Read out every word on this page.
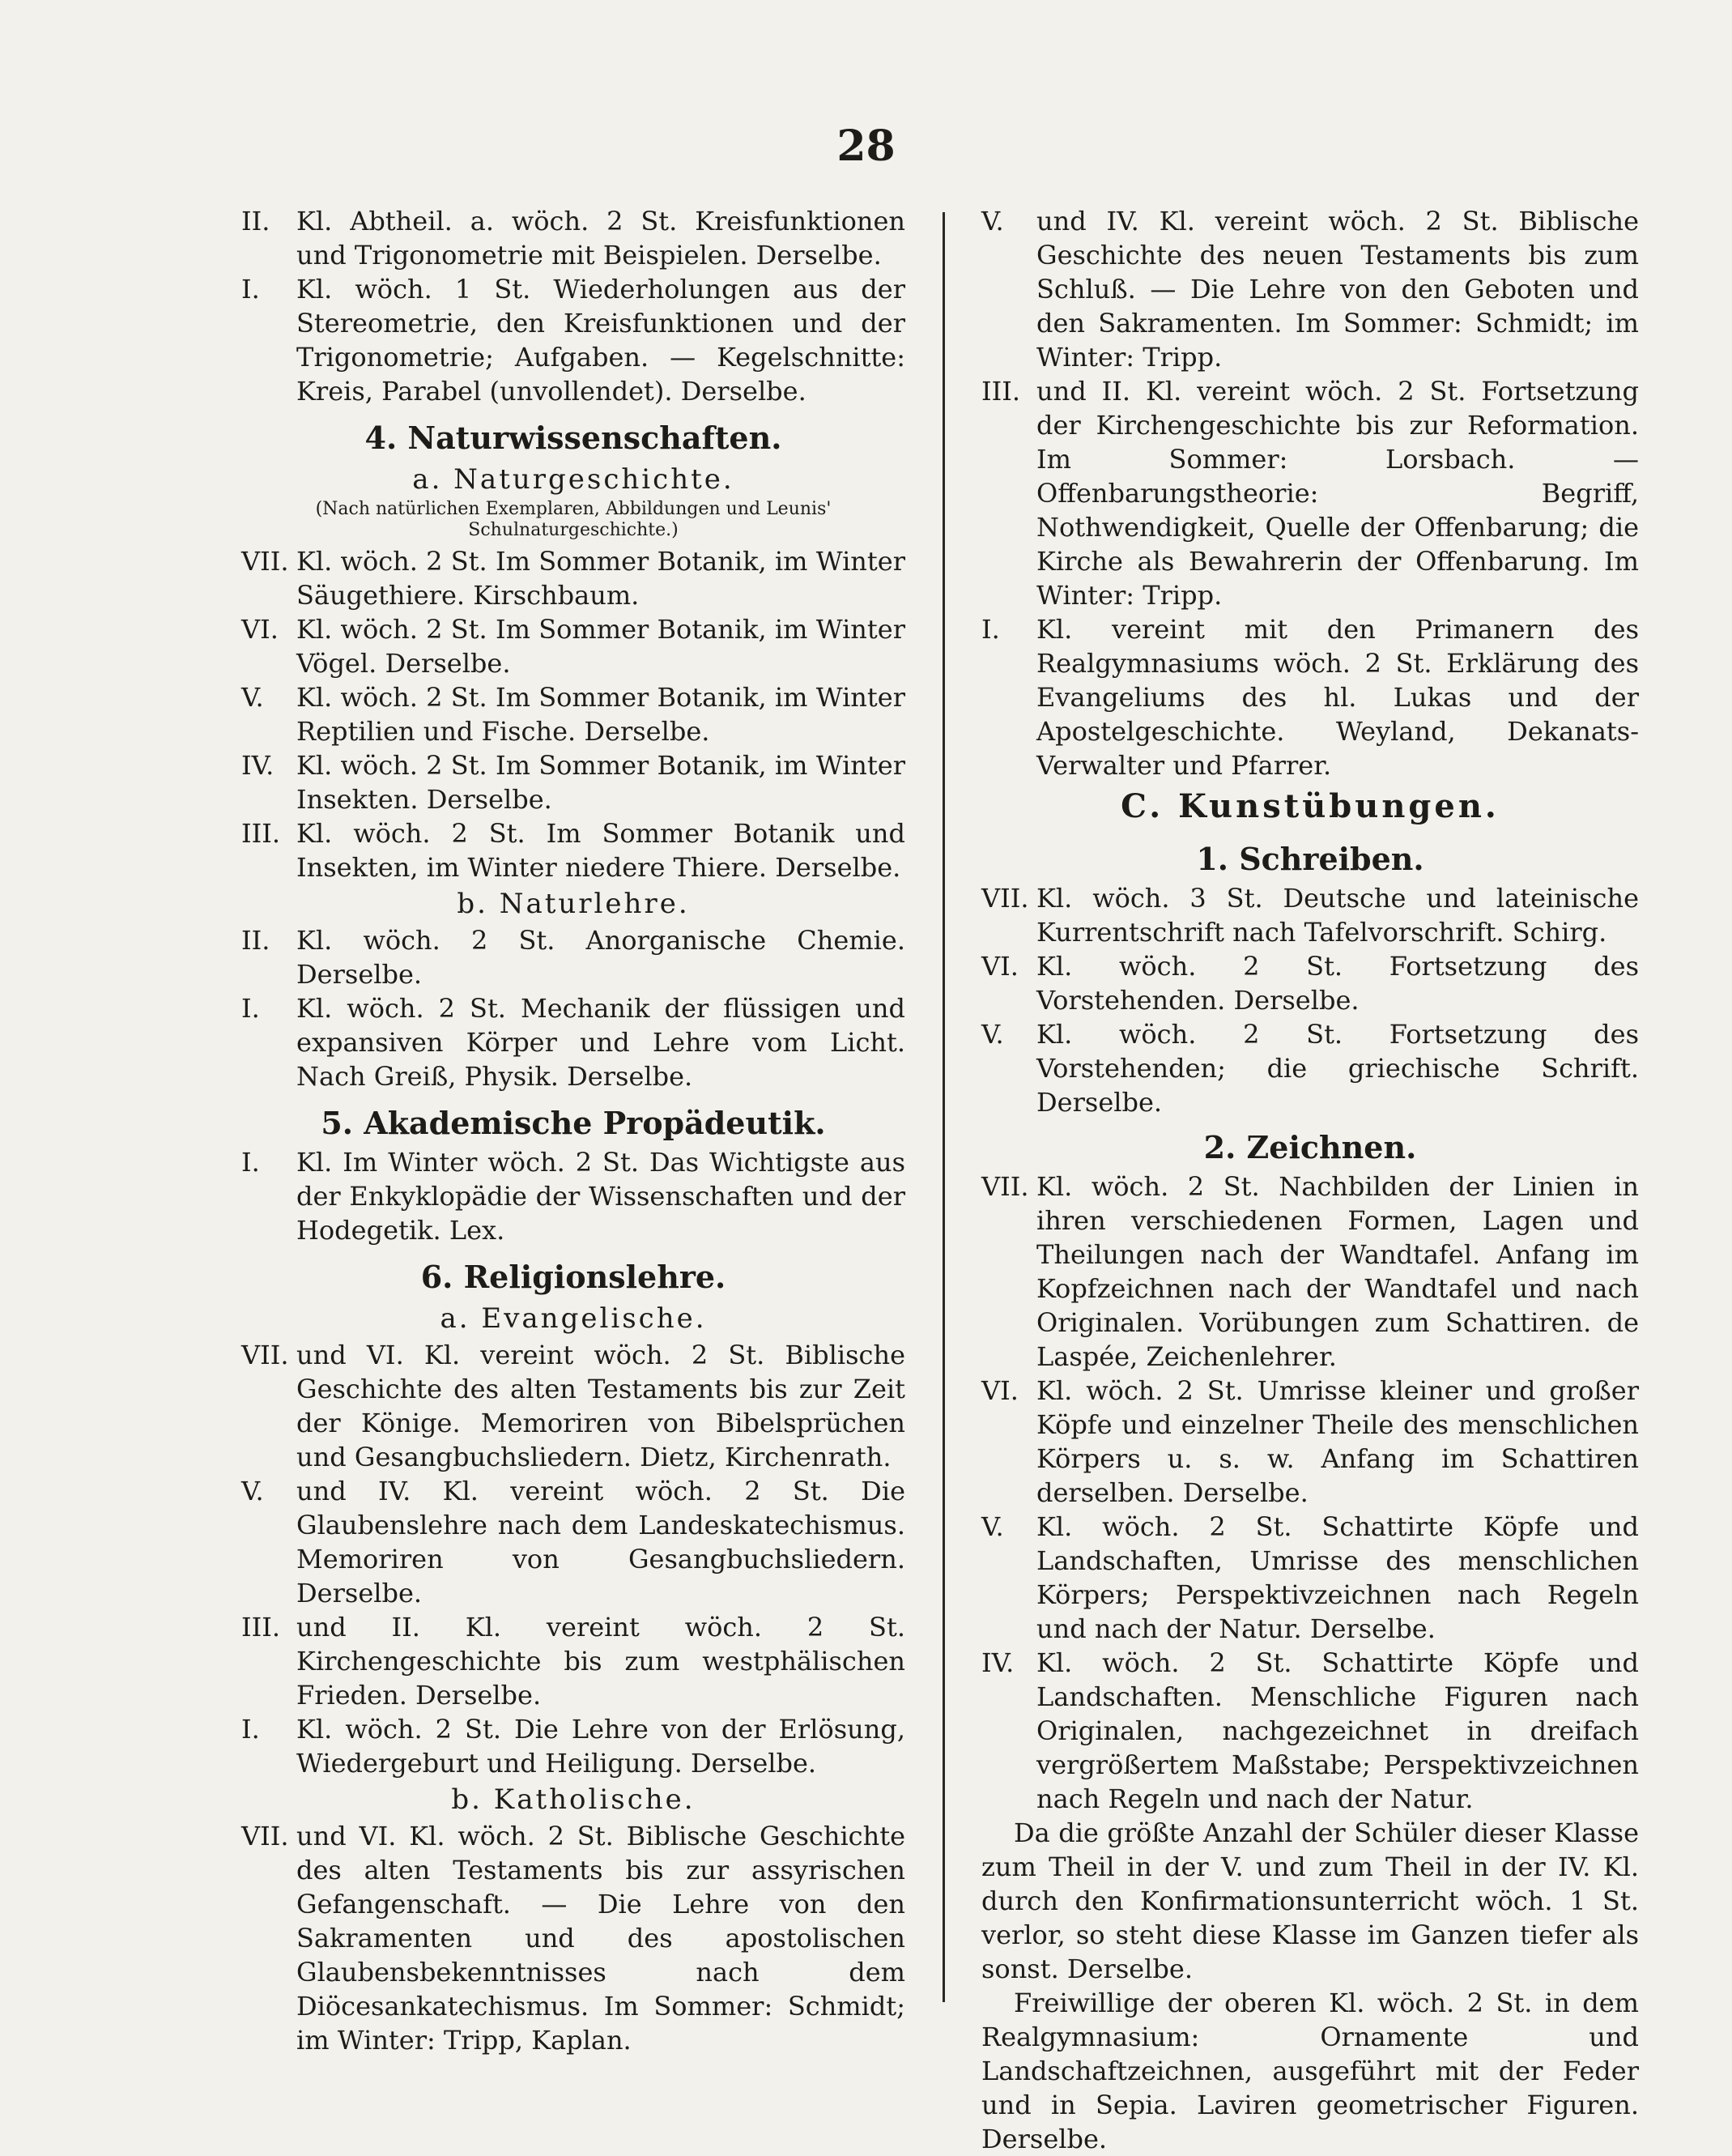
28
II.	Kl. Abtheil. a. wöch. 2 St. Kreisfunktionen und Trigonometrie mit Beispielen. Derselbe.
I.	Kl. wöch. 1 St. Wiederholungen aus der Stereometrie, den Kreisfunktionen und der Trigonometrie; Aufgaben. — Kegelschnitte: Kreis, Parabel (unvollendet). Derselbe.
4. Naturwissenschaften.
a. Naturgeschichte.
(Nach natürlichen Exemplaren, Abbildungen und Leunis' Schulnaturgeschichte.)
VII. Kl. wöch. 2 St. Im Sommer Botanik, im Winter Säugethiere. Kirschbaum.
VI. Kl. wöch. 2 St. Im Sommer Botanik, im Winter Vögel. Derselbe.
V.	Kl. wöch. 2 St. Im Sommer Botanik, im Winter Reptilien und Fische. Derselbe.
IV. Kl. wöch. 2 St. Im Sommer Botanik, im Winter Insekten. Derselbe.
III. Kl. wöch. 2 St. Im Sommer Botanik und Insekten, im Winter niedere Thiere. Derselbe.
b. Naturlehre.
II.	Kl. wöch. 2 St. Anorganische Chemie. Derselbe.
I.	Kl. wöch. 2 St. Mechanik der flüssigen und expansiven Körper und Lehre vom Licht. Nach Greiß, Physik. Derselbe.
5. Akademische Propädeutik.
I.	Kl. Im Winter wöch. 2 St. Das Wichtigste aus der Enkyklopädie der Wissenschaften und der Hodegetik. Lex.
6. Religionslehre.
a. Evangelische.
VII. und VI. Kl. vereint wöch. 2 St. Biblische Geschichte des alten Testaments bis zur Zeit der Könige. Memoriren von Bibelsprüchen und Gesangbuchsliedern. Dietz, Kirchenrath.
V.	und IV. Kl. vereint wöch. 2 St. Die Glaubenslehre nach dem Landeskatechismus. Memoriren von Gesangbuchsliedern. Derselbe.
III. und II. Kl. vereint wöch. 2 St. Kirchengeschichte bis zum westphälischen Frieden. Derselbe.
I.	Kl. wöch. 2 St. Die Lehre von der Erlösung, Wiedergeburt und Heiligung. Derselbe.
b. Katholische.
VII. und VI. Kl. wöch. 2 St. Biblische Geschichte des alten Testaments bis zur assyrischen Gefangenschaft. — Die Lehre von den Sakramenten und des apostolischen Glaubensbekenntnisses nach dem Diöcesankatechismus. Im Sommer: Schmidt; im Winter: Tripp, Kaplan.
V.	und IV. Kl. vereint wöch. 2 St. Biblische Geschichte des neuen Testaments bis zum Schluß. — Die Lehre von den Geboten und den Sakramenten. Im Sommer: Schmidt; im Winter: Tripp.
III. und II. Kl. vereint wöch. 2 St. Fortsetzung der Kirchengeschichte bis zur Reformation. Im Sommer: Lorsbach. — Offenbarungstheorie: Begriff, Nothwendigkeit, Quelle der Offenbarung; die Kirche als Bewahrerin der Offenbarung. Im Winter: Tripp.
I.	Kl. vereint mit den Primanern des Realgymnasiums wöch. 2 St. Erklärung des Evangeliums des hl. Lukas und der Apostelgeschichte. Weyland, Dekanats-Verwalter und Pfarrer.
C. Kunstübungen.
1. Schreiben.
VII. Kl. wöch. 3 St. Deutsche und lateinische Kurrentschrift nach Tafelvorschrift. Schirg.
VI. Kl. wöch. 2 St. Fortsetzung des Vorstehenden. Derselbe.
V.	Kl. wöch. 2 St. Fortsetzung des Vorstehenden; die griechische Schrift. Derselbe.
2. Zeichnen.
VII. Kl. wöch. 2 St. Nachbilden der Linien in ihren verschiedenen Formen, Lagen und Theilungen nach der Wandtafel. Anfang im Kopfzeichnen nach der Wandtafel und nach Originalen. Vorübungen zum Schattiren. de Laspée, Zeichenlehrer.
VI. Kl. wöch. 2 St. Umrisse kleiner und großer Köpfe und einzelner Theile des menschlichen Körpers u. s. w. Anfang im Schattiren derselben. Derselbe.
V.	Kl. wöch. 2 St. Schattirte Köpfe und Landschaften, Umrisse des menschlichen Körpers; Perspektivzeichnen nach Regeln und nach der Natur. Derselbe.
IV. Kl. wöch. 2 St. Schattirte Köpfe und Landschaften. Menschliche Figuren nach Originalen, nachgezeichnet in dreifach vergrößertem Maßstabe; Perspektivzeichnen nach Regeln und nach der Natur.

Da die größte Anzahl der Schüler dieser Klasse zum Theil in der V. und zum Theil in der IV. Kl. durch den Konfirmationsunterricht wöch. 1 St. verlor, so steht diese Klasse im Ganzen tiefer als sonst. Derselbe.

Freiwillige der oberen Kl. wöch. 2 St. in dem Realgymnasium: Ornamente und Landschaftzeichnen, ausgeführt mit der Feder und in Sepia. Laviren geometrischer Figuren. Derselbe.
